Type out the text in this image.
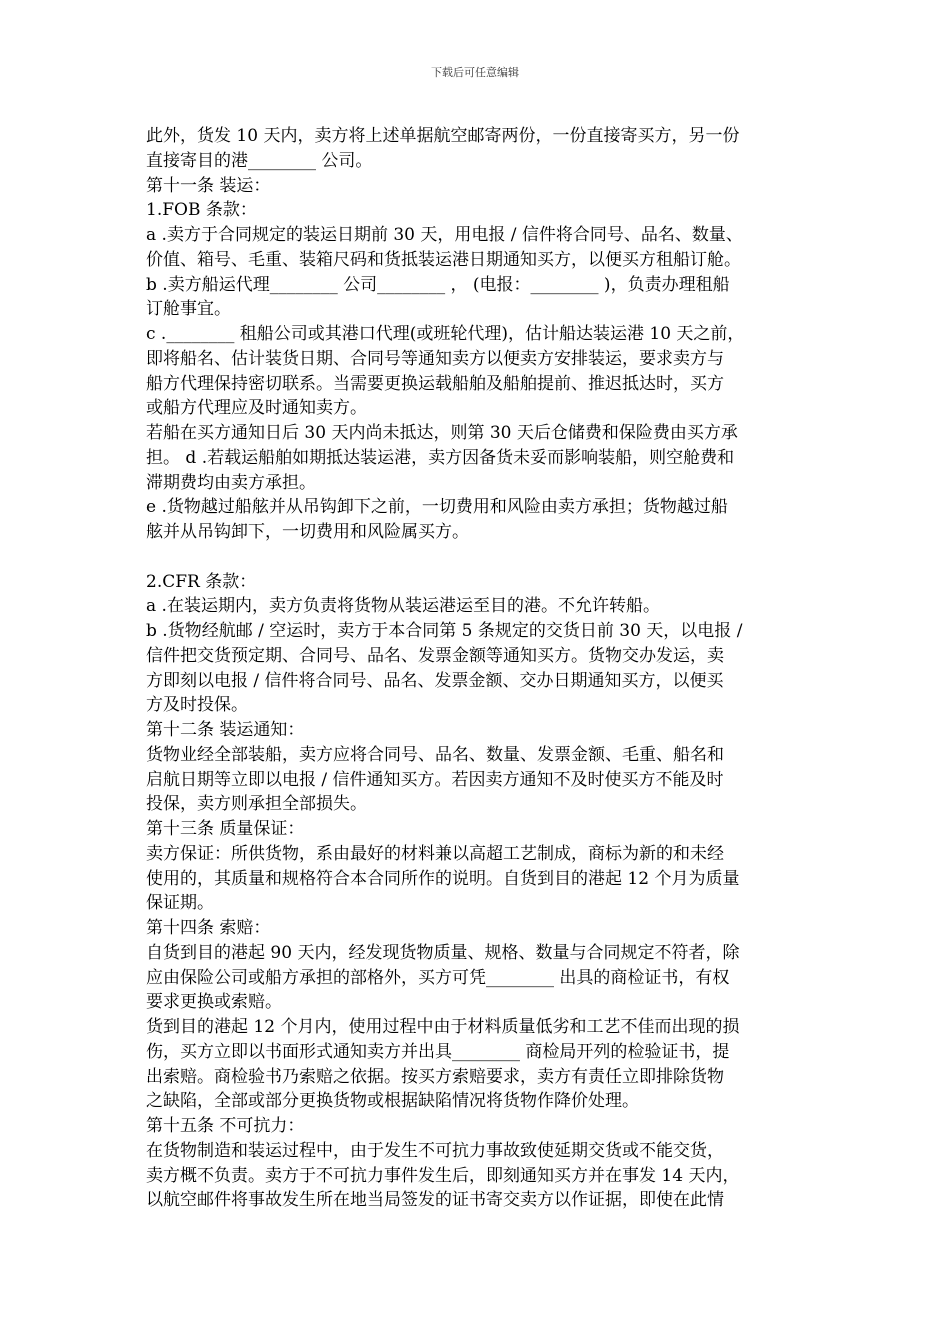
下载后可任意编辑
此外，货发 10 天内，卖方将上述单据航空邮寄两份，一份直接寄买方，另一份
直接寄目的港________ 公司。
第十一条 装运：
1.FOB 条款：
a .卖方于合同规定的装运日期前 30 天，用电报 / 信件将合同号、品名、数量、
价值、箱号、毛重、装箱尺码和货抵装运港日期通知买方，以便买方租船订舱。
b .卖方船运代理________ 公司________ ， (电报：________ )，负责办理租船
订舱事宜。
c .________ 租船公司或其港口代理(或班轮代理)，估计船达装运港 10 天之前，
即将船名、估计装货日期、合同号等通知卖方以便卖方安排装运，要求卖方与
船方代理保持密切联系。当需要更换运载船舶及船舶提前、推迟抵达时，买方
或船方代理应及时通知卖方。
若船在买方通知日后 30 天内尚未抵达，则第 30 天后仓储费和保险费由买方承
担。 d .若载运船舶如期抵达装运港，卖方因备货未妥而影响装船，则空舱费和
滞期费均由卖方承担。
e .货物越过船舷并从吊钩卸下之前，一切费用和风险由卖方承担；货物越过船
舷并从吊钩卸下，一切费用和风险属买方。
2.CFR 条款：
a .在装运期内，卖方负责将货物从装运港运至目的港。不允许转船。
b .货物经航邮 / 空运时，卖方于本合同第 5 条规定的交货日前 30 天，以电报 /
信件把交货预定期、合同号、品名、发票金额等通知买方。货物交办发运，卖
方即刻以电报 / 信件将合同号、品名、发票金额、交办日期通知买方，以便买
方及时投保。
第十二条 装运通知：
货物业经全部装船，卖方应将合同号、品名、数量、发票金额、毛重、船名和
启航日期等立即以电报 / 信件通知买方。若因卖方通知不及时使买方不能及时
投保，卖方则承担全部损失。
第十三条 质量保证：
卖方保证：所供货物，系由最好的材料兼以高超工艺制成，商标为新的和未经
使用的，其质量和规格符合本合同所作的说明。自货到目的港起 12 个月为质量
保证期。
第十四条 索赔：
自货到目的港起 90 天内，经发现货物质量、规格、数量与合同规定不符者，除
应由保险公司或船方承担的部格外，买方可凭________ 出具的商检证书，有权
要求更换或索赔。
货到目的港起 12 个月内，使用过程中由于材料质量低劣和工艺不佳而出现的损
伤，买方立即以书面形式通知卖方并出具________ 商检局开列的检验证书，提
出索赔。商检验书乃索赔之依据。按买方索赔要求，卖方有责任立即排除货物
之缺陷，全部或部分更换货物或根据缺陷情况将货物作降价处理。
第十五条 不可抗力：
在货物制造和装运过程中，由于发生不可抗力事故致使延期交货或不能交货，
卖方概不负责。卖方于不可抗力事件发生后，即刻通知买方并在事发 14 天内，
以航空邮件将事故发生所在地当局签发的证书寄交卖方以作证据，即使在此情
